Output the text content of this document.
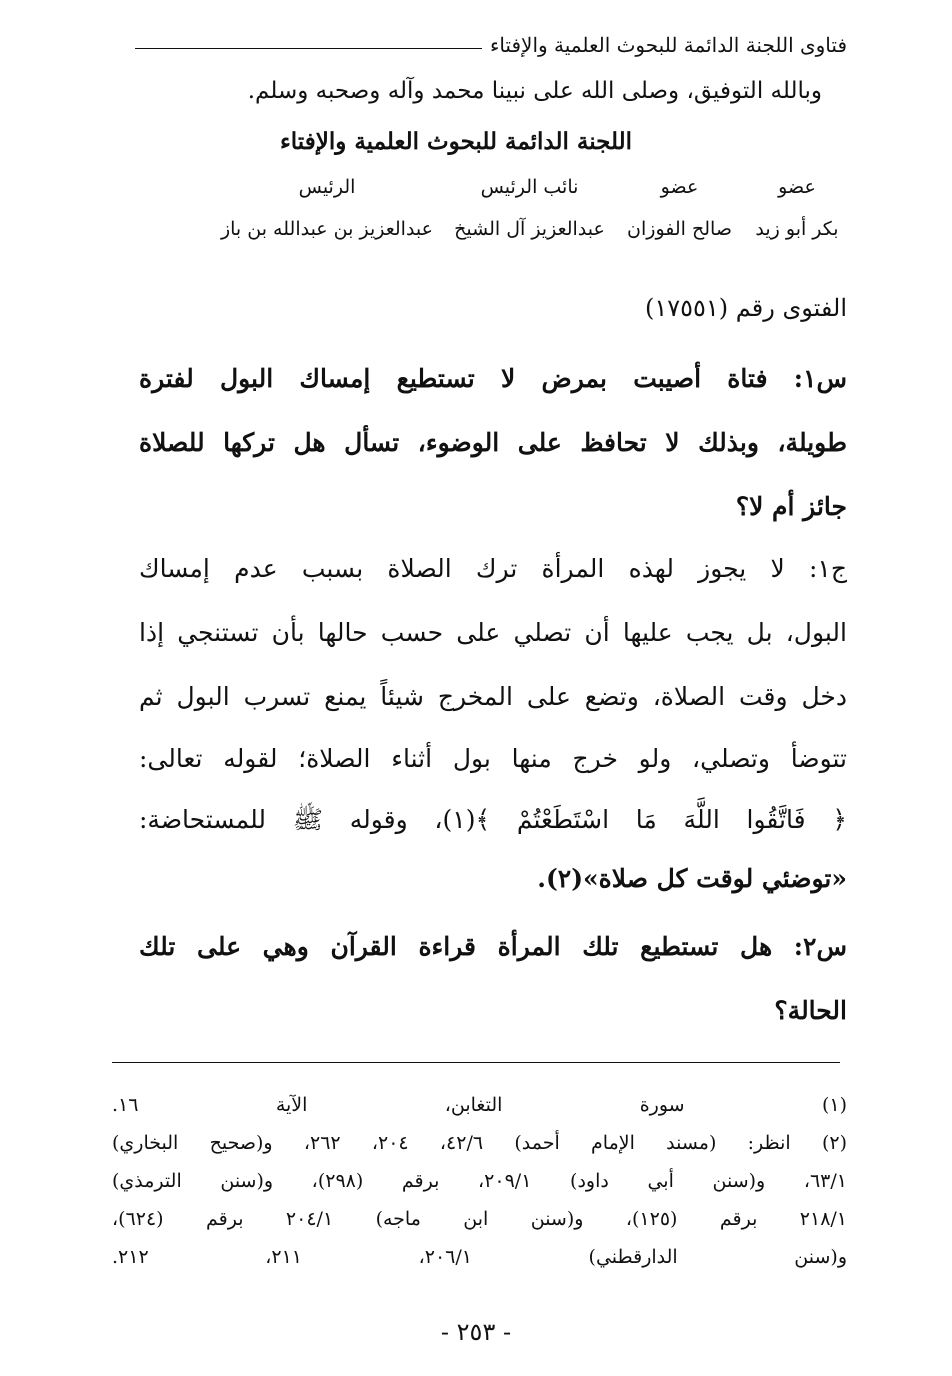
فتاوى اللجنة الدائمة للبحوث العلمية والإفتاء
وبالله التوفيق، وصلى الله على نبينا محمد وآله وصحبه وسلم.
اللجنة الدائمة للبحوث العلمية والإفتاء
عضو
عضو
نائب الرئيس
الرئيس
بكر أبو زيد
صالح الفوزان
عبدالعزيز آل الشيخ
عبدالعزيز بن عبدالله بن باز
الفتوى رقم (١٧٥٥١)
س١: فتاة أصيبت بمرض لا تستطيع إمساك البول لفترة
طويلة، وبذلك لا تحافظ على الوضوء، تسأل هل تركها للصلاة
جائز أم لا؟
ج١: لا يجوز لهذه المرأة ترك الصلاة بسبب عدم إمساك
البول، بل يجب عليها أن تصلي على حسب حالها بأن تستنجي إذا
دخل وقت الصلاة، وتضع على المخرج شيئاً يمنع تسرب البول ثم
تتوضأ وتصلي، ولو خرج منها بول أثناء الصلاة؛ لقوله تعالى:
﴿ فَاتَّقُوا اللَّهَ مَا اسْتَطَعْتُمْ ﴾(١)، وقوله ﷺ للمستحاضة:
«توضئي لوقت كل صلاة»(٢).
س٢: هل تستطيع تلك المرأة قراءة القرآن وهي على تلك
الحالة؟
(١) سورة التغابن، الآية ١٦.
(٢) انظر: (مسند الإمام أحمد) ٤٢/٦، ٢٠٤، ٢٦٢، و(صحيح البخاري)
٦٣/١، و(سنن أبي داود) ٢٠٩/١، برقم (٢٩٨)، و(سنن الترمذي)
٢١٨/١ برقم (١٢٥)، و(سنن ابن ماجه) ٢٠٤/١ برقم (٦٢٤)،
و(سنن الدارقطني) ٢٠٦/١، ٢١١، ٢١٢.
- ٢٥٣ -
